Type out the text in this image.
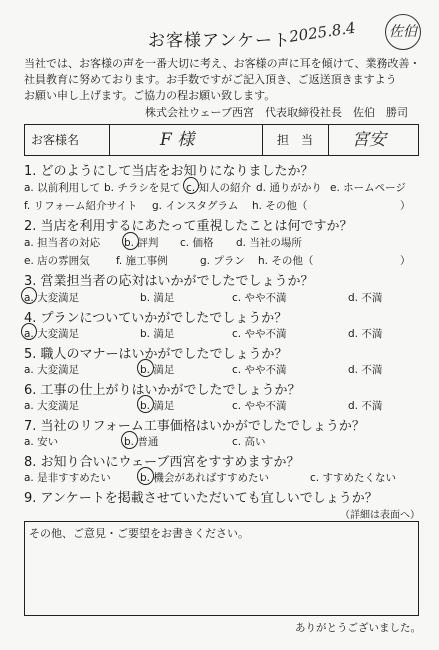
お客様アンケート
2025.8.4 佐伯
当社では、お客様の声を一番大切に考え、お客様の声に耳を傾けて、業務改善・
社員教育に努めております。お手数ですがご記入頂き、ご返送頂きますよう
お願い申し上げます。ご協力の程お願い致します。
株式会社ウェーブ西宮　代表取締役社長　佐伯　勝司
お客様名	F 様	担　当 宮安
1. どのようにして当店をお知りになりましたか？
a. 以前利用して b. チラシを見て c. 知人の紹介 d. 通りがかり e. ホームページ
f. リフォーム紹介サイト g. インスタグラム h. その他（	）
2. 当店を利用するにあたって重視したことは何ですか？
a. 担当者の対応 b. 評判 c. 価格 d. 当社の場所
e. 店の雰囲気	f. 施工事例	g. プラン h. その他（	）
3. 営業担当者の応対はいかがでしたでしょうか？
a. 大変満足	b. 満足	c. やや不満	d. 不満
4. プランについていかがでしたでしょうか？
a. 大変満足	b. 満足	c. やや不満	d. 不満
5. 職人のマナーはいかがでしたでしょうか？
a. 大変満足	b. 満足	c. やや不満	d. 不満
6. 工事の仕上がりはいかがでしたでしょうか？
a. 大変満足	b. 満足	c. やや不満	d. 不満
7. 当社のリフォーム工事価格はいかがでしたでしょうか？
a. 安い	b. 普通	c. 高い
8. お知り合いにウェーブ西宮をすすめますか？
a. 是非すすめたい	b. 機会があればすすめたい	c. すすめたくない
9. アンケートを掲載させていただいても宜しいでしょうか？
（詳細は表面へ）
その他、ご意見・ご要望をお書きください。
ありがとうございました。
